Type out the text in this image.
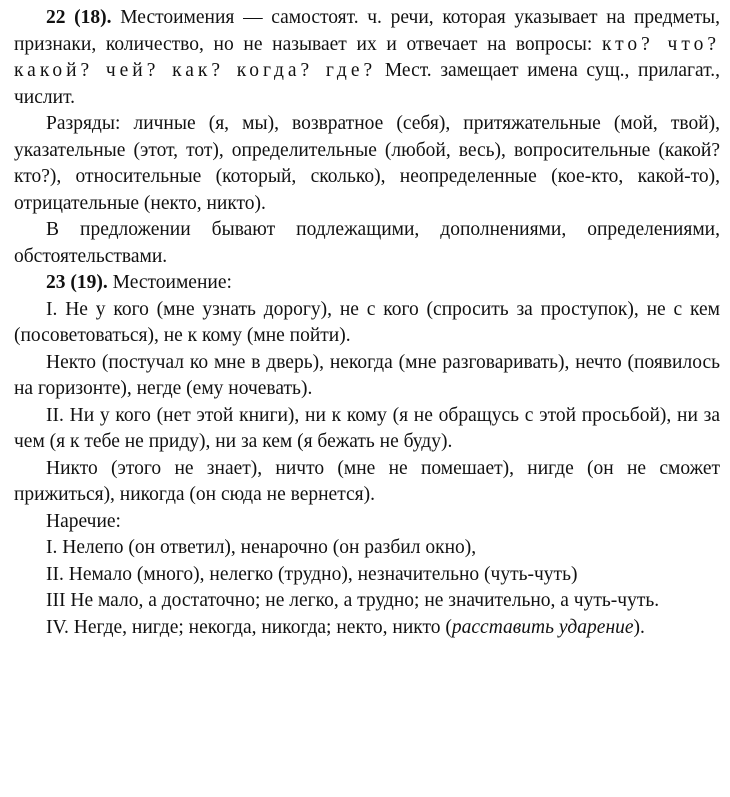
22 (18). Местоимения — самостоят. ч. речи, которая указывает на предметы, признаки, количество, но не называет их и отвечает на вопросы: кто? что? какой? чей? как? когда? где? Мест. замещает имена сущ., прилагат., числит.

Разряды: личные (я, мы), возвратное (себя), притяжательные (мой, твой), указательные (этот, тот), определительные (любой, весь), вопросительные (какой? кто?), относительные (который, сколько), неопределенные (кое-кто, какой-то), отрицательные (некто, никто).

В предложении бывают подлежащими, дополнениями, определениями, обстоятельствами.

23 (19). Местоимение:

I. Не у кого (мне узнать дорогу), не с кого (спросить за проступок), не с кем (посоветоваться), не к кому (мне пойти).

Некто (постучал ко мне в дверь), некогда (мне разговаривать), нечто (появилось на горизонте), негде (ему ночевать).

II. Ни у кого (нет этой книги), ни к кому (я не обращусь с этой просьбой), ни за чем (я к тебе не приду), ни за кем (я бежать не буду).

Никто (этого не знает), ничто (мне не помешает), нигде (он не сможет прижиться), никогда (он сюда не вернется).

Наречие:

I. Нелепо (он ответил), ненарочно (он разбил окно),

II. Немало (много), нелегко (трудно), незначительно (чуть-чуть)

III Не мало, а достаточно; не легко, а трудно; не значительно, а чуть-чуть.

IV. Негде, нигде; некогда, никогда; некто, никто (расставить ударение).
